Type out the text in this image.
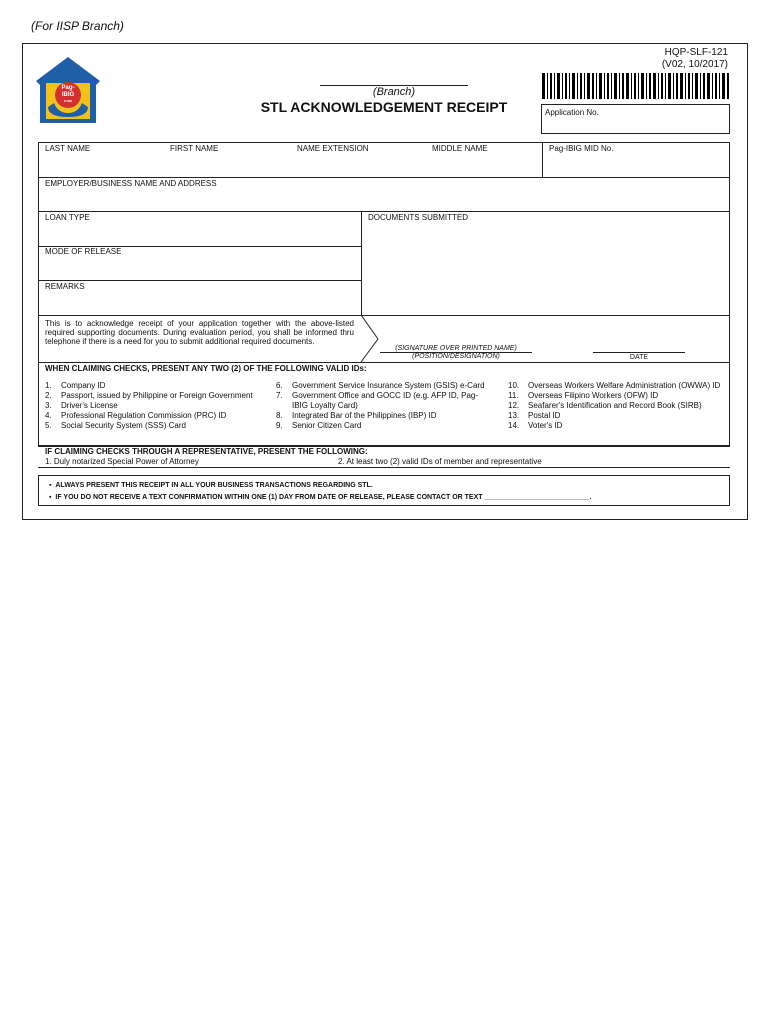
(For IISP Branch)
Pag-
IBIG
FUND
(Branch)
STL ACKNOWLEDGEMENT RECEIPT
HQP-SLF-121
(V02, 10/2017)
Application No.
LAST NAME	FIRST NAME	NAME EXTENSION	MIDDLE NAME	Pag-IBIG MID No.
EMPLOYER/BUSINESS NAME AND ADDRESS
LOAN TYPE	DOCUMENTS SUBMITTED
MODE OF RELEASE
REMARKS
This is to acknowledge receipt of your application together with the above-listed required supporting documents. During evaluation period, you shall be informed thru telephone if there is a need for you to submit additional required documents.
(SIGNATURE OVER PRINTED NAME)
(POSITION/DESIGNATION)	DATE
WHEN CLAIMING CHECKS, PRESENT ANY TWO (2) OF THE FOLLOWING VALID IDs:
1.	Company ID
2.	Passport, issued by Philippine or Foreign Government
3.	Driver's License
4.	Professional Regulation Commission (PRC) ID
5.	Social Security System (SSS) Card
6.	Government Service Insurance System (GSIS) e-Card
7.	Government Office and GOCC ID (e.g. AFP ID, Pag-IBIG Loyalty Card)
8.	Integrated Bar of the Philippines (IBP) ID
9.	Senior Citizen Card
10.	Overseas Workers Welfare Administration (OWWA) ID
11.	Overseas Filipino Workers (OFW) ID
12.	Seafarer's Identification and Record Book (SIRB)
13.	Postal ID
14.	Voter's ID
IF CLAIMING CHECKS THROUGH A REPRESENTATIVE, PRESENT THE FOLLOWING:
1. Duly notarized Special Power of Attorney	2. At least two (2) valid IDs of member and representative
▪ ALWAYS PRESENT THIS RECEIPT IN ALL YOUR BUSINESS TRANSACTIONS REGARDING STL.
▪ IF YOU DO NOT RECEIVE A TEXT CONFIRMATION WITHIN ONE (1) DAY FROM DATE OF RELEASE, PLEASE CONTACT OR TEXT ___________________________.
